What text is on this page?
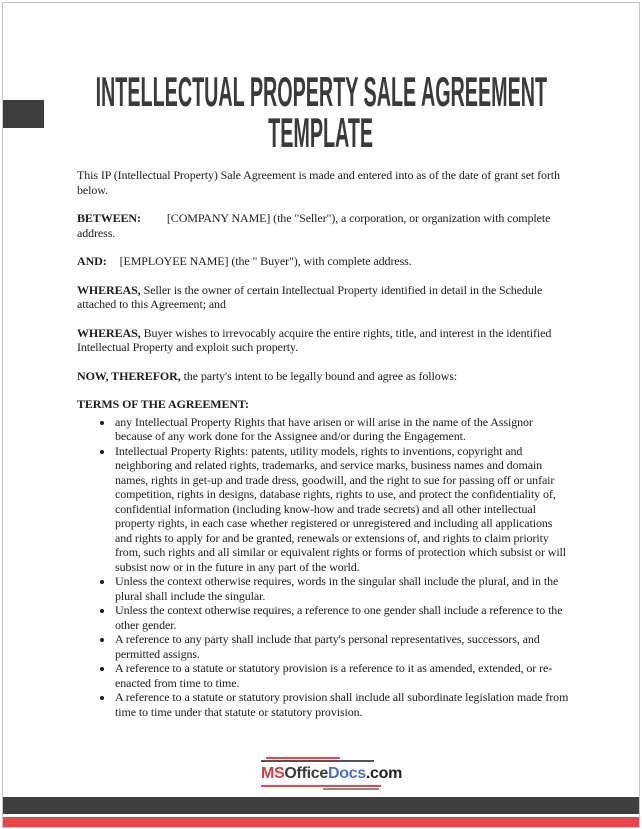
INTELLECTUAL PROPERTY SALE AGREEMENT
TEMPLATE

This IP (Intellectual Property) Sale Agreement is made and entered into as of the date of grant set forth below.

BETWEEN: [COMPANY NAME] (the "Seller"), a corporation, or organization with complete address.

AND: [EMPLOYEE NAME] (the " Buyer"), with complete address.

WHEREAS, Seller is the owner of certain Intellectual Property identified in detail in the Schedule attached to this Agreement; and

WHEREAS, Buyer wishes to irrevocably acquire the entire rights, title, and interest in the identified Intellectual Property and exploit such property.

NOW, THEREFOR, the party's intent to be legally bound and agree as follows:

TERMS OF THE AGREEMENT:
• any Intellectual Property Rights that have arisen or will arise in the name of the Assignor because of any work done for the Assignee and/or during the Engagement.
• Intellectual Property Rights: patents, utility models, rights to inventions, copyright and neighboring and related rights, trademarks, and service marks, business names and domain names, rights in get-up and trade dress, goodwill, and the right to sue for passing off or unfair competition, rights in designs, database rights, rights to use, and protect the confidentiality of, confidential information (including know-how and trade secrets) and all other intellectual property rights, in each case whether registered or unregistered and including all applications and rights to apply for and be granted, renewals or extensions of, and rights to claim priority from, such rights and all similar or equivalent rights or forms of protection which subsist or will subsist now or in the future in any part of the world.
• Unless the context otherwise requires, words in the singular shall include the plural, and in the plural shall include the singular.
• Unless the context otherwise requires, a reference to one gender shall include a reference to the other gender.
• A reference to any party shall include that party's personal representatives, successors, and permitted assigns.
• A reference to a statute or statutory provision is a reference to it as amended, extended, or re-enacted from time to time.
• A reference to a statute or statutory provision shall include all subordinate legislation made from time to time under that statute or statutory provision.
MSOfficeDocs.com
